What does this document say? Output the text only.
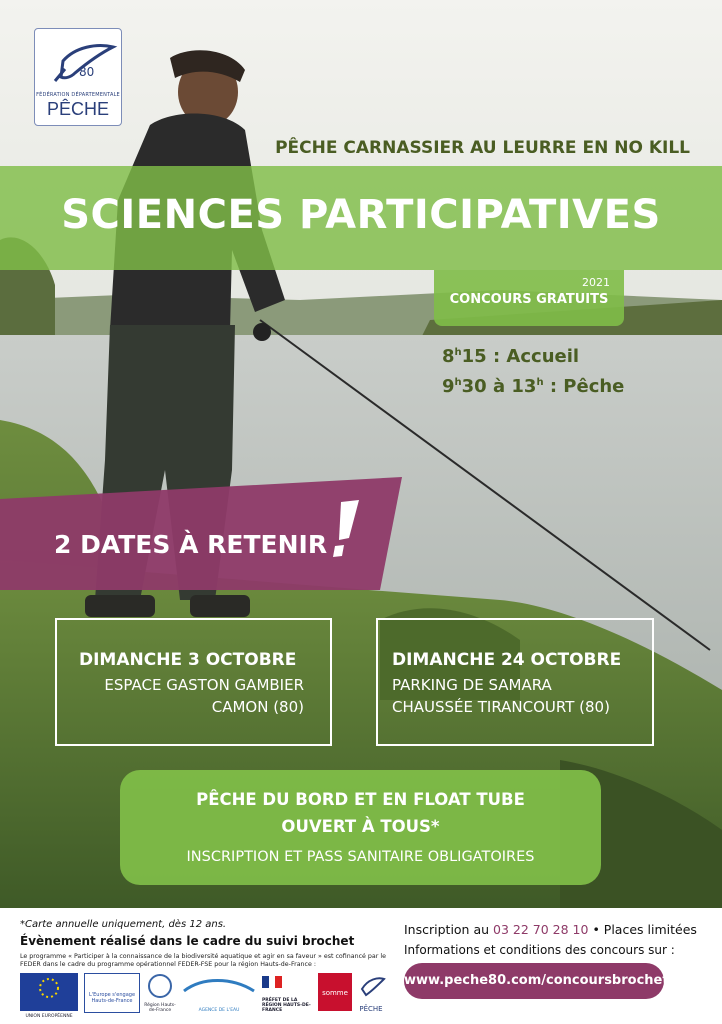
80
FÉDÉRATION DÉPARTEMENTALE
PÊCHE
PÊCHE CARNASSIER AU LEURRE EN NO KILL
SCIENCES PARTICIPATIVES
2021
CONCOURS GRATUITS
8$^h$15 : Accueil
9$^h$30 à 13$^h$ : Pêche
2 DATES À RETENIR
DIMANCHE 3 OCTOBRE
ESPACE GASTON GAMBIER
CAMON (80)
DIMANCHE 24 OCTOBRE
PARKING DE SAMARA
CHAUSSÉE TIRANCOURT (80)
PÊCHE DU BORD ET EN FLOAT TUBE
OUVERT À TOUS*
INSCRIPTION ET PASS SANITAIRE OBLIGATOIRES
*Carte annuelle uniquement, dès 12 ans.
Évènement réalisé dans le cadre du suivi brochet
Le programme « Participer à la connaissance de la biodiversité aquatique et agir en sa faveur » est cofinancé par le FEDER dans le cadre du programme opérationnel FEDER-FSE pour la région Hauts-de-France :
Inscription au 03 22 70 28 10 • Places limitées
Informations et conditions des concours sur :
www.peche80.com/concoursbrochet
UNION EUROPÉENNE
L'Europe s'engage Hauts-de-France
Région Hauts-de-France	AGENCE DE L'EAU
PRÉFET DE LA RÉGION HAUTS-DE-FRANCE
somme
PÊCHE
